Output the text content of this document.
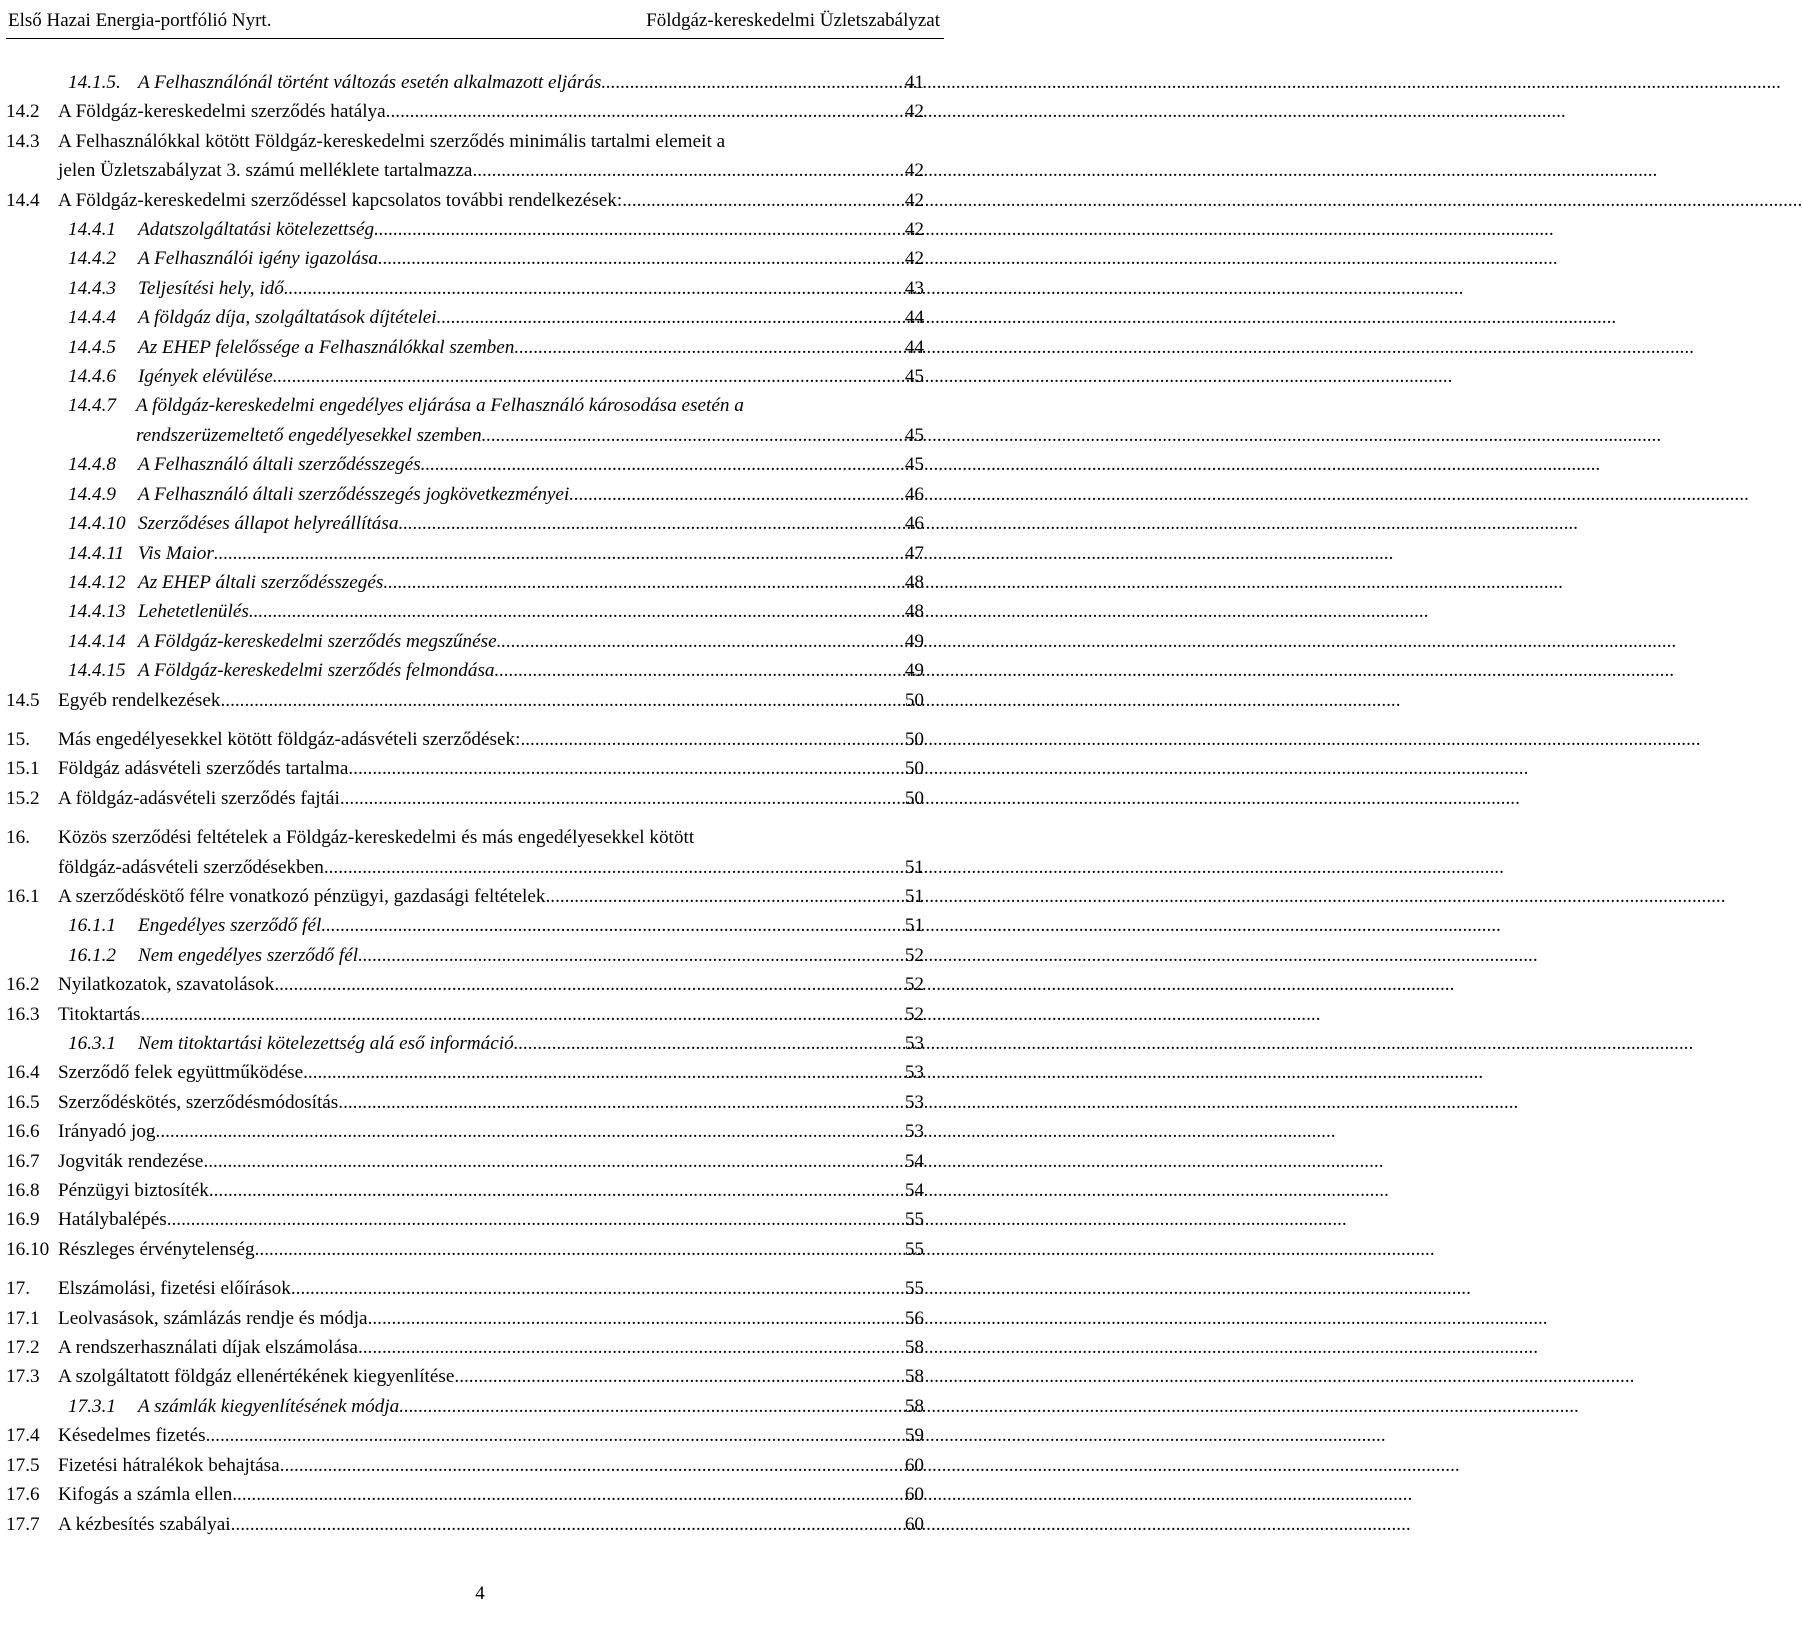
Első Hazai Energia-portfólió Nyrt.	Földgáz-kereskedelmi Üzletszabályzat
14.1.5. A Felhasználónál történt változás esetén alkalmazott eljárás .....	41
14.2 A Földgáz-kereskedelmi szerződés hatálya .....	42
14.3 A Felhasználókkal kötött Földgáz-kereskedelmi szerződés minimális tartalmi elemeit a
jelen Üzletszabályzat 3. számú melléklete tartalmazza. .....	42
14.4 A Földgáz-kereskedelmi szerződéssel kapcsolatos további rendelkezések: .....	42
14.4.1	Adatszolgáltatási kötelezettség .....	42
14.4.2	A Felhasználói igény igazolása .....	42
14.4.3	Teljesítési hely, idő .....	43
14.4.4	A földgáz díja, szolgáltatások díjtételei .....	44
14.4.5	Az EHEP felelőssége a Felhasználókkal szemben .....	44
14.4.6	Igények elévülése .....	45
14.4.7	A földgáz-kereskedelmi engedélyes eljárása a Felhasználó károsodása esetén a
rendszerüzemeltető engedélyesekkel szemben .....	45
14.4.8	A Felhasználó általi szerződésszegés .....	45
14.4.9	A Felhasználó általi szerződésszegés jogkövetkezményei .....	46
14.4.10 Szerződéses állapot helyreállítása .....	46
14.4.11 Vis Maior .....	47
14.4.12 Az EHEP általi szerződésszegés .....	48
14.4.13 Lehetetlenülés .....	48
14.4.14 A Földgáz-kereskedelmi szerződés megszűnése .....	49
14.4.15 A Földgáz-kereskedelmi szerződés felmondása .....	49
14.5 Egyéb rendelkezések .....	50
15.	Más engedélyesekkel kötött földgáz-adásvételi szerződések: .....	50
15.1 Földgáz adásvételi szerződés tartalma .....	50
15.2 A földgáz-adásvételi szerződés fajtái .....	50
16.	Közös szerződési feltételek a Földgáz-kereskedelmi és más engedélyesekkel kötött
földgáz-adásvételi szerződésekben .....	51
16.1 A szerződéskötő félre vonatkozó pénzügyi, gazdasági feltételek .....	51
16.1.1	Engedélyes szerződő fél .....	51
16.1.2	Nem engedélyes szerződő fél .....	52
16.2 Nyilatkozatok, szavatolások .....	52
16.3 Titoktartás .....	52
16.3.1	Nem titoktartási kötelezettség alá eső információ .....	53
16.4 Szerződő felek együttműködése .....	53
16.5 Szerződéskötés, szerződésmódosítás .....	53
16.6 Irányadó jog .....	53
16.7 Jogviták rendezése .....	54
16.8 Pénzügyi biztosíték .....	54
16.9 Hatálybalépés .....	55
16.10 Részleges érvénytelenség .....	55
17.	Elszámolási, fizetési előírások .....	55
17.1 Leolvasások, számlázás rendje és módja .....	56
17.2 A rendszerhasználati díjak elszámolása .....	58
17.3 A szolgáltatott földgáz ellenértékének kiegyenlítése .....	58
17.3.1	A számlák kiegyenlítésének módja .....	58
17.4 Késedelmes fizetés .....	59
17.5 Fizetési hátralékok behajtása .....	60
17.6 Kifogás a számla ellen .....	60
17.7 A kézbesítés szabályai .....	60
4
